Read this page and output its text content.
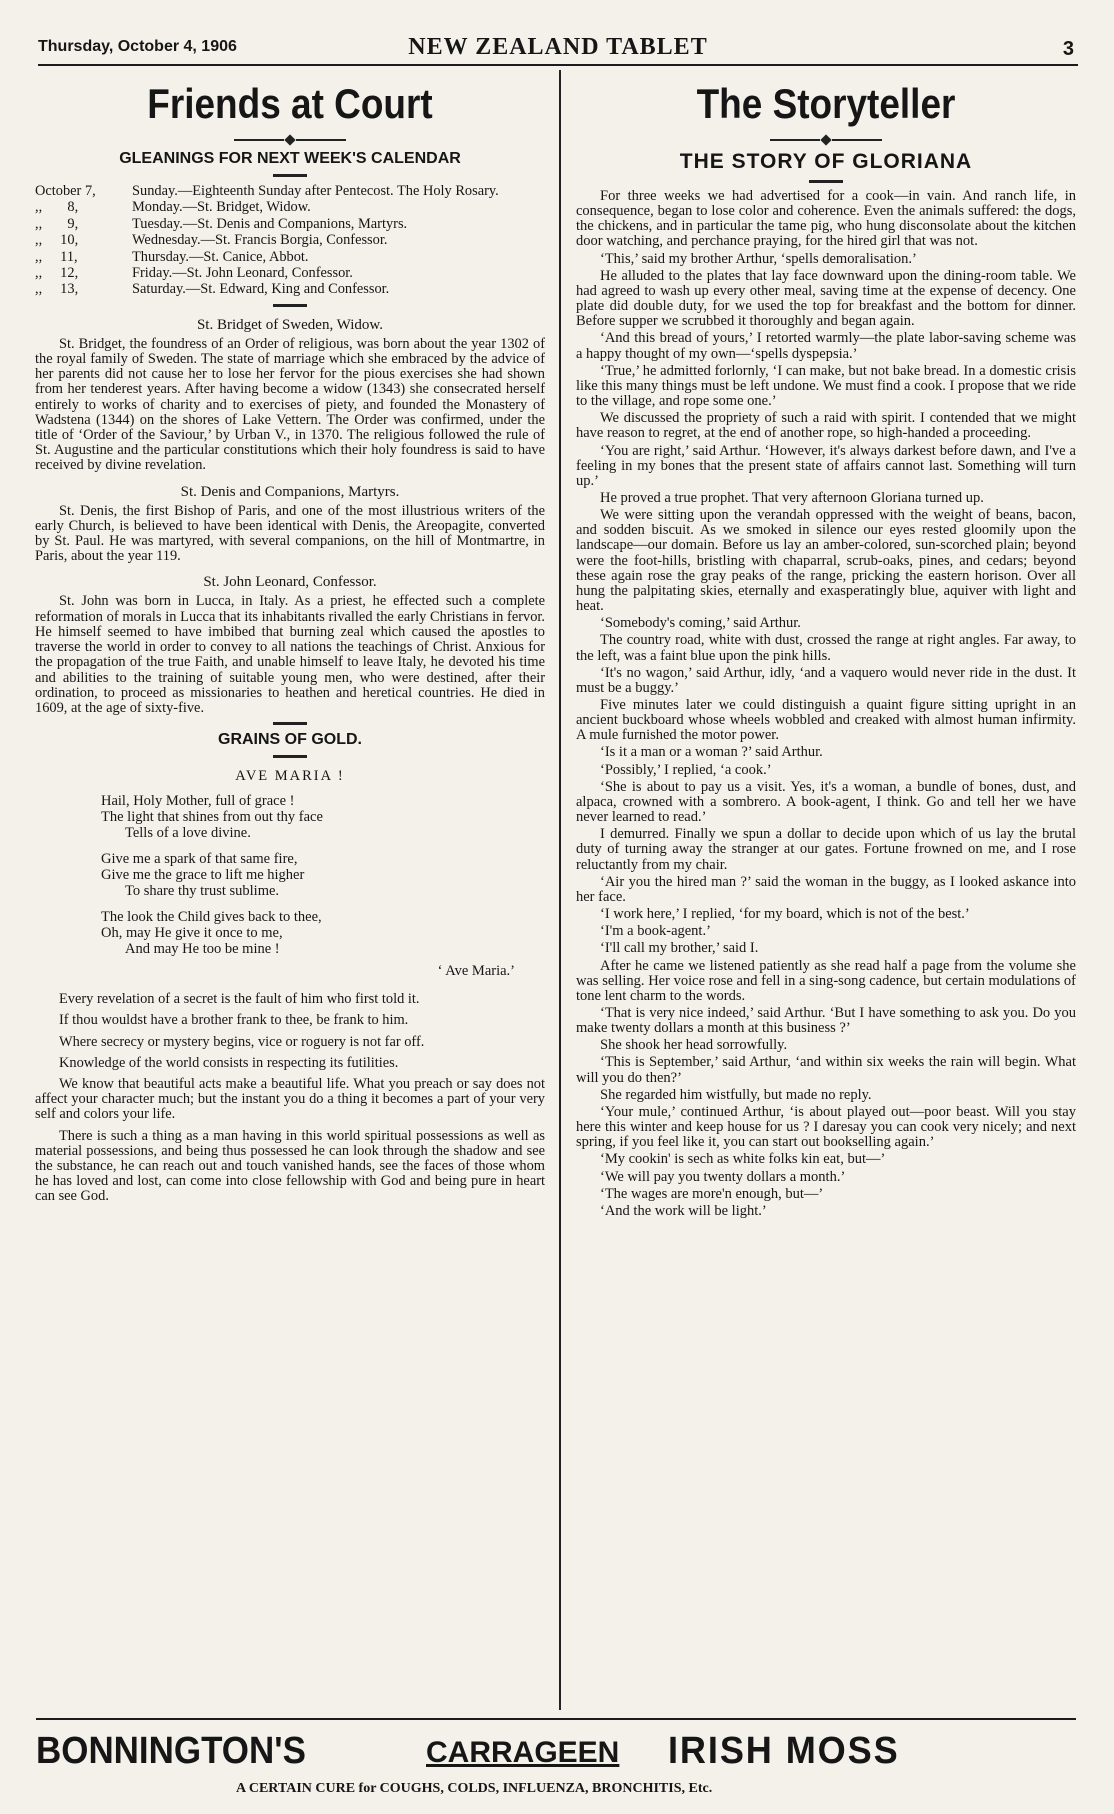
Thursday, October 4, 1906	NEW ZEALAND TABLET	3
Friends at Court
GLEANINGS FOR NEXT WEEK'S CALENDAR
October 7,	Sunday.—Eighteenth Sunday after Pentecost. The Holy Rosary.
,,       8,	Monday.—St. Bridget, Widow.
,,       9,	Tuesday.—St. Denis and Companions, Martyrs.
,,     10,	Wednesday.—St. Francis Borgia, Confessor.
,,     11,	Thursday.—St. Canice, Abbot.
,,     12,	Friday.—St. John Leonard, Confessor.
,,     13,	Saturday.—St. Edward, King and Confessor.
St. Bridget of Sweden, Widow.

St. Bridget, the foundress of an Order of religious, was born about the year 1302 of the royal family of Sweden. The state of marriage which she embraced by the advice of her parents did not cause her to lose her fervor for the pious exercises she had shown from her tenderest years. After having become a widow (1343) she consecrated herself entirely to works of charity and to exercises of piety, and founded the Monastery of Wadstena (1344) on the shores of Lake Vettern. The Order was confirmed, under the title of ‘Order of the Saviour,’ by Urban V., in 1370. The religious followed the rule of St. Augustine and the particular constitutions which their holy foundress is said to have received by divine revelation.

St. Denis and Companions, Martyrs.

St. Denis, the first Bishop of Paris, and one of the most illustrious writers of the early Church, is believed to have been identical with Denis, the Areopagite, converted by St. Paul. He was martyred, with several companions, on the hill of Montmartre, in Paris, about the year 119.

St. John Leonard, Confessor.

St. John was born in Lucca, in Italy. As a priest, he effected such a complete reformation of morals in Lucca that its inhabitants rivalled the early Christians in fervor. He himself seemed to have imbibed that burning zeal which caused the apostles to traverse the world in order to convey to all nations the teachings of Christ. Anxious for the propagation of the true Faith, and unable himself to leave Italy, he devoted his time and abilities to the training of suitable young men, who were destined, after their ordination, to proceed as missionaries to heathen and heretical countries. He died in 1609, at the age of sixty-five.

GRAINS OF GOLD.
AVE MARIA !
Hail, Holy Mother, full of grace !
The light that shines from out thy face
Tells of a love divine.
Give me a spark of that same fire,
Give me the grace to lift me higher
To share thy trust sublime.
The look the Child gives back to thee,
Oh, may He give it once to me,
And may He too be mine !
‘ Ave Maria.’

Every revelation of a secret is the fault of him who first told it.

If thou wouldst have a brother frank to thee, be frank to him.

Where secrecy or mystery begins, vice or roguery is not far off.

Knowledge of the world consists in respecting its futilities.

We know that beautiful acts make a beautiful life. What you preach or say does not affect your character much; but the instant you do a thing it becomes a part of your very self and colors your life.

There is such a thing as a man having in this world spiritual possessions as well as material possessions, and being thus possessed he can look through the shadow and see the substance, he can reach out and touch vanished hands, see the faces of those whom he has loved and lost, can come into close fellowship with God and being pure in heart can see God.

The Storyteller
THE STORY OF GLORIANA

For three weeks we had advertised for a cook—in vain. And ranch life, in consequence, began to lose color and coherence. Even the animals suffered: the dogs, the chickens, and in particular the tame pig, who hung disconsolate about the kitchen door watching, and perchance praying, for the hired girl that was not.

‘This,’ said my brother Arthur, ‘spells demoralisation.’

He alluded to the plates that lay face downward upon the dining-room table. We had agreed to wash up every other meal, saving time at the expense of decency. One plate did double duty, for we used the top for breakfast and the bottom for dinner. Before supper we scrubbed it thoroughly and began again.

‘And this bread of yours,’ I retorted warmly—the plate labor-saving scheme was a happy thought of my own—‘spells dyspepsia.’

‘True,’ he admitted forlornly, ‘I can make, but not bake bread. In a domestic crisis like this many things must be left undone. We must find a cook. I propose that we ride to the village, and rope some one.’

We discussed the propriety of such a raid with spirit. I contended that we might have reason to regret, at the end of another rope, so high-handed a proceeding.

‘You are right,’ said Arthur. ‘However, it's always darkest before dawn, and I've a feeling in my bones that the present state of affairs cannot last. Something will turn up.’

He proved a true prophet. That very afternoon Gloriana turned up.

We were sitting upon the verandah oppressed with the weight of beans, bacon, and sodden biscuit. As we smoked in silence our eyes rested gloomily upon the landscape—our domain. Before us lay an amber-colored, sun-scorched plain; beyond were the foot-hills, bristling with chaparral, scrub-oaks, pines, and cedars; beyond these again rose the gray peaks of the range, pricking the eastern horison. Over all hung the palpitating skies, eternally and exasperatingly blue, aquiver with light and heat.

‘Somebody's coming,’ said Arthur.

The country road, white with dust, crossed the range at right angles. Far away, to the left, was a faint blue upon the pink hills.

‘It's no wagon,’ said Arthur, idly, ‘and a vaquero would never ride in the dust. It must be a buggy.’

Five minutes later we could distinguish a quaint figure sitting upright in an ancient buckboard whose wheels wobbled and creaked with almost human infirmity. A mule furnished the motor power.

‘Is it a man or a woman ?’ said Arthur.

‘Possibly,’ I replied, ‘a cook.’

‘She is about to pay us a visit. Yes, it's a woman, a bundle of bones, dust, and alpaca, crowned with a sombrero. A book-agent, I think. Go and tell her we have never learned to read.’

I demurred. Finally we spun a dollar to decide upon which of us lay the brutal duty of turning away the stranger at our gates. Fortune frowned on me, and I rose reluctantly from my chair.

‘Air you the hired man ?’ said the woman in the buggy, as I looked askance into her face.

‘I work here,’ I replied, ‘for my board, which is not of the best.’

‘I'm a book-agent.’

‘I'll call my brother,’ said I.

After he came we listened patiently as she read half a page from the volume she was selling. Her voice rose and fell in a sing-song cadence, but certain modulations of tone lent charm to the words.

‘That is very nice indeed,’ said Arthur. ‘But I have something to ask you. Do you make twenty dollars a month at this business ?’

She shook her head sorrowfully.

‘This is September,’ said Arthur, ‘and within six weeks the rain will begin. What will you do then?’

She regarded him wistfully, but made no reply.

‘Your mule,’ continued Arthur, ‘is about played out—poor beast. Will you stay here this winter and keep house for us ? I daresay you can cook very nicely; and next spring, if you feel like it, you can start out bookselling again.’

‘My cookin' is sech as white folks kin eat, but—’

‘We will pay you twenty dollars a month.’

‘The wages are more'n enough, but—’

‘And the work will be light.’

BONNINGTON'S	CARRAGEEN IRISH MOSS
A CERTAIN CURE for COUGHS, COLDS, INFLUENZA, BRONCHITIS, Etc.
